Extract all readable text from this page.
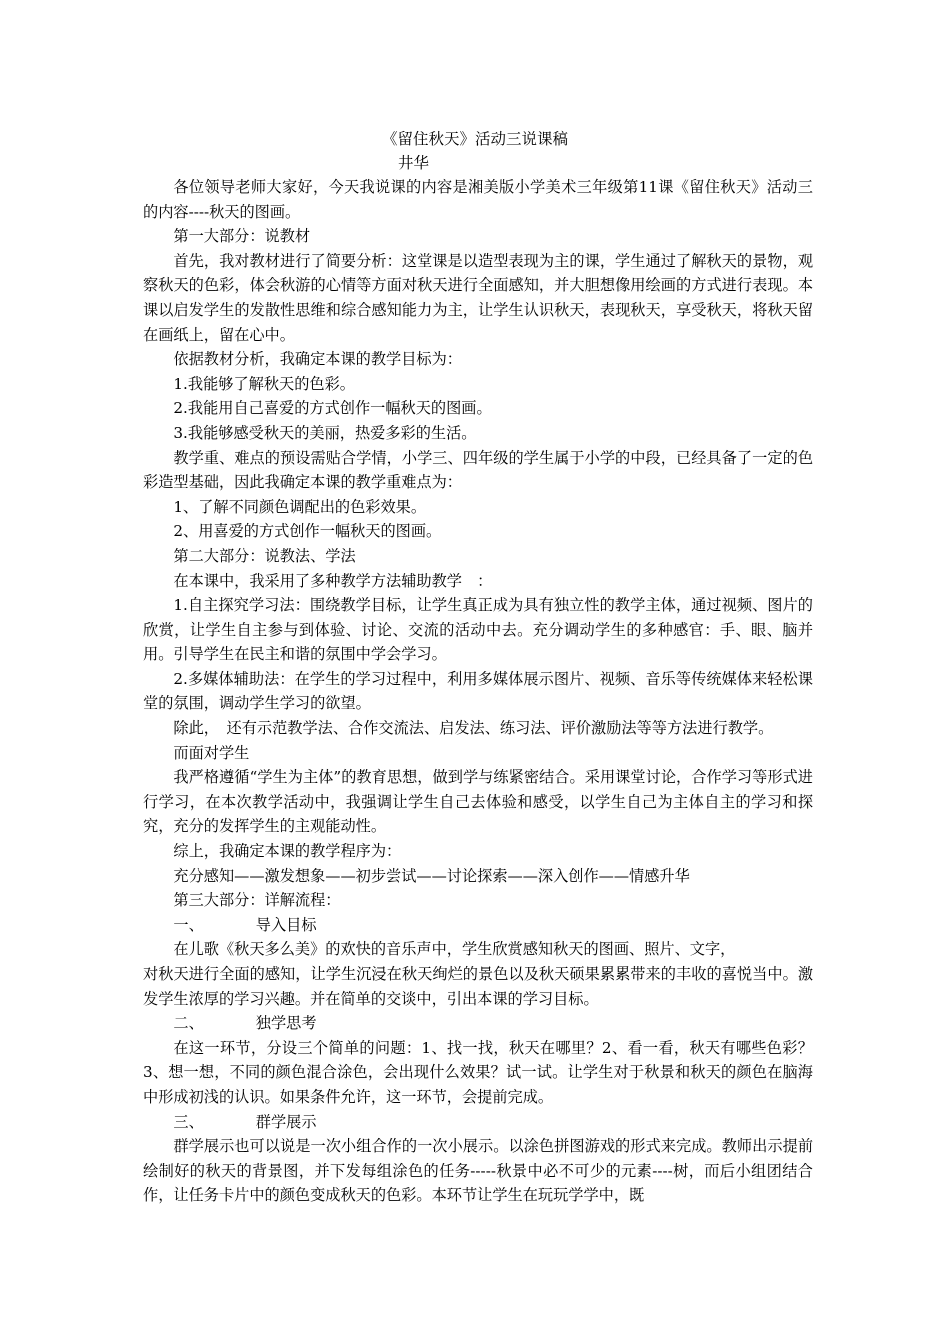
《留住秋天》活动三说课稿
井华

各位领导老师大家好，今天我说课的内容是湘美版小学美术三年级第11课《留住秋天》活动三的内容----秋天的图画。

第一大部分：说教材

首先，我对教材进行了简要分析：这堂课是以造型表现为主的课，学生通过了解秋天的景物，观察秋天的色彩，体会秋游的心情等方面对秋天进行全面感知，并大胆想像用绘画的方式进行表现。本课以启发学生的发散性思维和综合感知能力为主，让学生认识秋天，表现秋天，享受秋天，将秋天留在画纸上，留在心中。

依据教材分析，我确定本课的教学目标为：

1.我能够了解秋天的色彩。

2.我能用自己喜爱的方式创作一幅秋天的图画。

3.我能够感受秋天的美丽，热爱多彩的生活。

教学重、难点的预设需贴合学情，小学三、四年级的学生属于小学的中段，已经具备了一定的色彩造型基础，因此我确定本课的教学重难点为：

1、了解不同颜色调配出的色彩效果。

2、用喜爱的方式创作一幅秋天的图画。

第二大部分：说教法、学法

在本课中，我采用了多种教学方法辅助教学　：

1.自主探究学习法：围绕教学目标，让学生真正成为具有独立性的教学主体，通过视频、图片的欣赏，让学生自主参与到体验、讨论、交流的活动中去。充分调动学生的多种感官：手、眼、脑并用。引导学生在民主和谐的氛围中学会学习。

2.多媒体辅助法：在学生的学习过程中，利用多媒体展示图片、视频、音乐等传统媒体来轻松课堂的氛围，调动学生学习的欲望。

除此，　还有示范教学法、合作交流法、启发法、练习法、评价激励法等等方法进行教学。

而面对学生

我严格遵循“学生为主体”的教育思想，做到学与练紧密结合。采用课堂讨论，合作学习等形式进行学习，在本次教学活动中，我强调让学生自己去体验和感受，以学生自己为主体自主的学习和探究，充分的发挥学生的主观能动性。

综上，我确定本课的教学程序为：

充分感知——激发想象——初步尝试——讨论探索——深入创作——情感升华

第三大部分：详解流程：

一、	导入目标

在儿歌《秋天多么美》的欢快的音乐声中，学生欣赏感知秋天的图画、照片、文字，

对秋天进行全面的感知，让学生沉浸在秋天绚烂的景色以及秋天硕果累累带来的丰收的喜悦当中。激发学生浓厚的学习兴趣。并在简单的交谈中，引出本课的学习目标。

二、	独学思考

在这一环节，分设三个简单的问题：1、找一找，秋天在哪里？2、看一看，秋天有哪些色彩？3、想一想，不同的颜色混合涂色，会出现什么效果？试一试。让学生对于秋景和秋天的颜色在脑海中形成初浅的认识。如果条件允许，这一环节，会提前完成。

三、	群学展示

群学展示也可以说是一次小组合作的一次小展示。以涂色拼图游戏的形式来完成。教师出示提前绘制好的秋天的背景图，并下发每组涂色的任务-----秋景中必不可少的元素----树，而后小组团结合作，让任务卡片中的颜色变成秋天的色彩。本环节让学生在玩玩学学中，既
